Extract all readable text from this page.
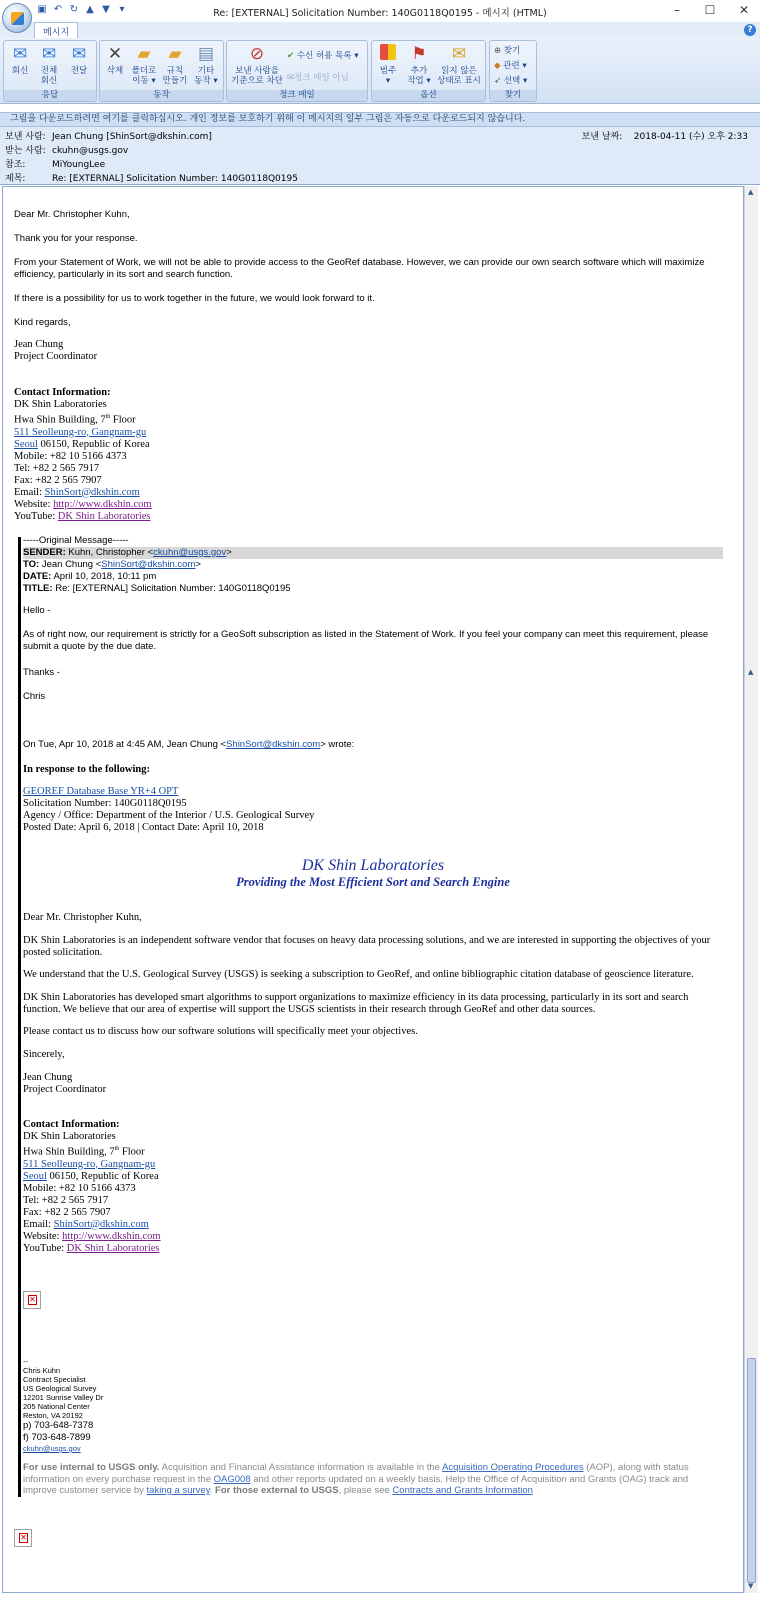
▣ ↶ ↻ ▲ ▼ ▾	Re: [EXTERNAL] Solicitation Number: 140G0118Q0195 - 메시지 (HTML)	–	☐ ✕
메시지	?
✉
회신
✉
전체
회신
✉
전달
응답
✕
삭제
▰
폴더로
이동 ▾
▰
규칙
만들기
▤
기타
동작 ▾
동작
⊘
보낸 사람을
기준으로 차단
✔ 수신 허용 목록 ▾
✉정크 메일 아님
정크 메일
범주
▾
⚑
추가
작업 ▾
✉
읽지 않은
상태로 표시
옵션
⊕ 찾기
◆ 관련 ▾
➶ 선택 ▾
찾기
그림을 다운로드하려면 여기를 클릭하십시오. 개인 정보를 보호하기 위해 이 메시지의 일부 그림은 자동으로 다운로드되지 않습니다.
보낸 사람: Jean Chung [ShinSort@dkshin.com]	보낸 날짜: 2018-04-11 (수) 오후 2:33
받는 사람: ckuhn@usgs.gov
참조:	MiYoungLee
제목:	Re: [EXTERNAL] Solicitation Number: 140G0118Q0195
Dear Mr. Christopher Kuhn,
Thank you for your response.
From your Statement of Work, we will not be able to provide access to the GeoRef database. However, we can provide our own search software which will maximize efficiency, particularly in its sort and search function.
If there is a possibility for us to work together in the future, we would look forward to it.
Kind regards,
Jean Chung
Project Coordinator
Contact Information:
DK Shin Laboratories
Hwa Shin Building, 7th Floor
511 Seolleung-ro, Gangnam-gu
Seoul 06150, Republic of Korea
Mobile: +82 10 5166 4373
Tel: +82 2 565 7917
Fax: +82 2 565 7907
Email: ShinSort@dkshin.com
Website: http://www.dkshin.com
YouTube: DK Shin Laboratories
-----Original Message-----
SENDER: Kuhn, Christopher <ckuhn@usgs.gov>
TO: Jean Chung <ShinSort@dkshin.com>
DATE: April 10, 2018, 10:11 pm
TITLE: Re: [EXTERNAL] Solicitation Number: 140G0118Q0195
Hello -
As of right now, our requirement is strictly for a GeoSoft subscription as listed in the Statement of Work. If you feel your company can meet this requirement, please submit a quote by the due date.
Thanks -
Chris
On Tue, Apr 10, 2018 at 4:45 AM, Jean Chung <ShinSort@dkshin.com> wrote:
In response to the following:
GEOREF Database Base YR+4 OPT
Solicitation Number: 140G0118Q0195
Agency / Office: Department of the Interior / U.S. Geological Survey
Posted Date: April 6, 2018 | Contact Date: April 10, 2018
DK Shin Laboratories
Providing the Most Efficient Sort and Search Engine
Dear Mr. Christopher Kuhn,
DK Shin Laboratories is an independent software vendor that focuses on heavy data processing solutions, and we are interested in supporting the objectives of your posted solicitation.
We understand that the U.S. Geological Survey (USGS) is seeking a subscription to GeoRef, and online bibliographic citation database of geoscience literature.
DK Shin Laboratories has developed smart algorithms to support organizations to maximize efficiency in its data processing, particularly in its sort and search function. We believe that our area of expertise will support the USGS scientists in their research through GeoRef and other data sources.
Please contact us to discuss how our software solutions will specifically meet your objectives.
Sincerely,
Jean Chung
Project Coordinator
Contact Information:
DK Shin Laboratories
Hwa Shin Building, 7th Floor
511 Seolleung-ro, Gangnam-gu
Seoul 06150, Republic of Korea
Mobile: +82 10 5166 4373
Tel: +82 2 565 7917
Fax: +82 2 565 7907
Email: ShinSort@dkshin.com
Website: http://www.dkshin.com
YouTube: DK Shin Laboratories
✕
--
Chris Kuhn
Contract Specialist
US Geological Survey
12201 Sunrise Valley Dr
205 National Center
Reston, VA 20192
p) 703-648-7378
f) 703-648-7899
ckuhn@usgs.gov
For use internal to USGS only. Acquisition and Financial Assistance information is available in the Acquisition Operating Procedures (AOP), along with status information on every purchase request in the OAG008 and other reports updated on a weekly basis. Help the Office of Acquisition and Grants (OAG) track and improve customer service by taking a survey. For those external to USGS, please see Contracts and Grants Information
✕
▲
▲
▼
